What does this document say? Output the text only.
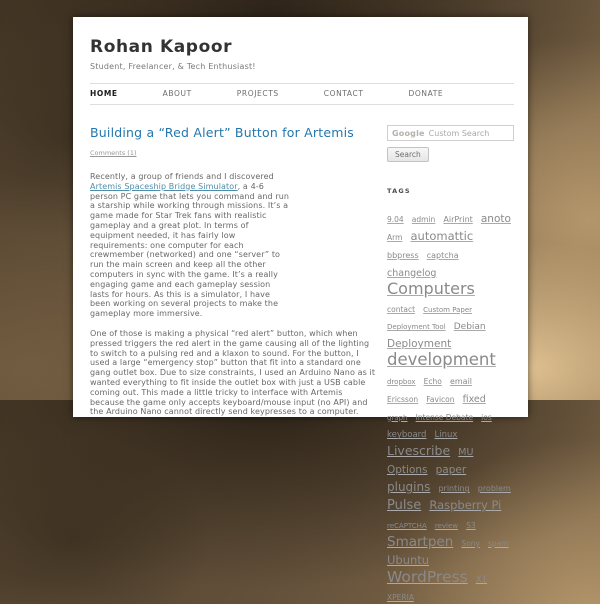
Rohan Kapoor
Student, Freelancer, & Tech Enthusiast!
HOME	ABOUT	PROJECTS	CONTACT	DONATE
Building a “Red Alert” Button for Artemis
Comments (1)

Recently, a group of friends and I discovered Artemis Spaceship Bridge Simulator, a 4-6 person PC game that lets you command and run a starship while working through missions. It’s a game made for Star Trek fans with realistic gameplay and a great plot. In terms of equipment needed, it has fairly low requirements: one computer for each crewmember (networked) and one “server” to run the main screen and keep all the other computers in sync with the game. It’s a really engaging game and each gameplay session lasts for hours. As this is a simulator, I have been working on several projects to make the gameplay more immersive.

One of those is making a physical “red alert” button, which when pressed triggers the red alert in the game causing all of the lighting to switch to a pulsing red and a klaxon to sound. For the button, I used a large “emergency stop” button that fit into a standard one gang outlet box. Due to size constraints, I used an Arduino Nano as it wanted everything to fit inside the outlet box with just a USB cable coming out. This made a little tricky to interface with Artemis because the game only accepts keyboard/mouse input (no API) and the Arduino Nano cannot directly send keypresses to a computer.

Google Custom Search
Search
TAGS
9.04 admin AirPrint anoto Arm automattic bbpress captcha changelog Computers contact Custom Paper Deployment Tool Debian Deployment development dropbox Echo email Ericsson Favicon fixed graph Intense Debate ios keyboard Linux Livescribe MU Options paper plugins printing problem Pulse Raspberry Pi reCAPTCHA review S3 Smartpen Sony spam Ubuntu WordPress X1 XPERIA
